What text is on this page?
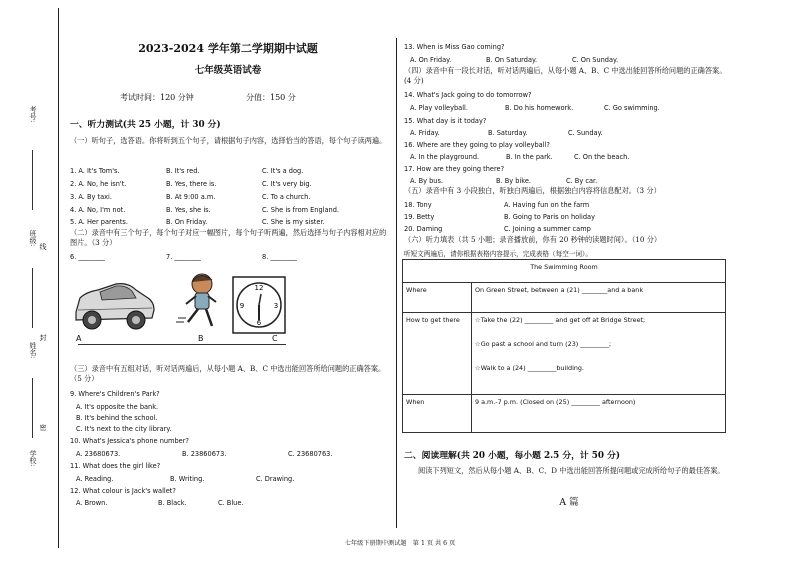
考号:
班级:
线
姓名:
封
密
学校:
2023-2024 学年第二学期期中试题
七年级英语试卷
考试时间：120 分钟	分值：150 分
一、听力测试(共 25 小题，计 30 分)
（一）听句子，选答语。你将听到五个句子，请根据句子内容，选择恰当的答语，每个句子读两遍。
1. A. It's Tom's.	B. It's red.	C. It's a dog.
2. A. No, he isn't.	B. Yes, there is.	C. It's very big.
3. A. By taxi.	B. At 9:00 a.m.	C. To a church.
4. A. No, I'm not.	B. Yes, she is.	C. She is from England.
5. A. Her parents.	B. On Friday.	C. She is my sister.
（二）录音中有三个句子，每个句子对应一幅图片，每个句子听两遍，然后选择与句子内容相对应的图片。（3 分）
6. ________	7. ________	8. ________
A	B
12
3
6
9
C
（三）录音中有五组对话，听对话两遍后，从每小题 A、B、C 中选出能回答所给问题的正确答案。（5 分）
9. Where's Children's Park?
A. It's opposite the bank.
B. It's behind the school.
C. It's next to the city library.
10. What's Jessica's phone number?
A. 23680673.	B. 23860673.	C. 23680763.
11. What does the girl like?
A. Reading.	B. Writing.	C. Drawing.
12. What colour is Jack's wallet?
A. Brown.	B. Black.	C. Blue.
13. When is Miss Gao coming?
A. On Friday.	B. On Saturday.	C. On Sunday.
（四）录音中有一段长对话，听对话两遍后，从每小题 A、B、C 中选出能回答所给问题的正确答案。(4 分)
14. What's Jack going to do tomorrow?
A. Play volleyball.	B. Do his homework.	C. Go swimming.
15. What day is it today?
A. Friday.	B. Saturday.	C. Sunday.
16. Where are they going to play volleyball?
A. In the playground.	B. In the park.	C. On the beach.
17. How are they going there?
A. By bus.	B. By bike.	C. By car.
（五）录音中有 3 小段独白，听独白两遍后，根据独白内容将信息配对。（3 分）
18. Tony	A. Having fun on the farm
19. Betty	B. Going to Paris on holiday
20. Daming	C. Joining a summer camp
（六）听力填表（共 5 小题；录音播放前，你有 20 秒钟的读题时间）。（10 分）
听短文两遍后，请你根据表格内容提示，完成表格（每空一词）。
The Swimming Room	
Where	On Green Street, between a (21) ________and a bank
How to get there	☆Take the (22) _________ and get off at Bridge Street;
☆Go past a school and turn (23) _________;
☆Walk to a (24) _________building.

When	9 a.m.-7 p.m. (Closed on (25) _________ afternoon)
二、阅读理解(共 20 小题，每小题 2.5 分，计 50 分)
阅读下列短文，然后从每小题 A、B、C、D 中选出能回答所提问题或完成所给句子的最佳答案。
A 篇
七年级下册期中测试题　第 1 页 共 6 页
